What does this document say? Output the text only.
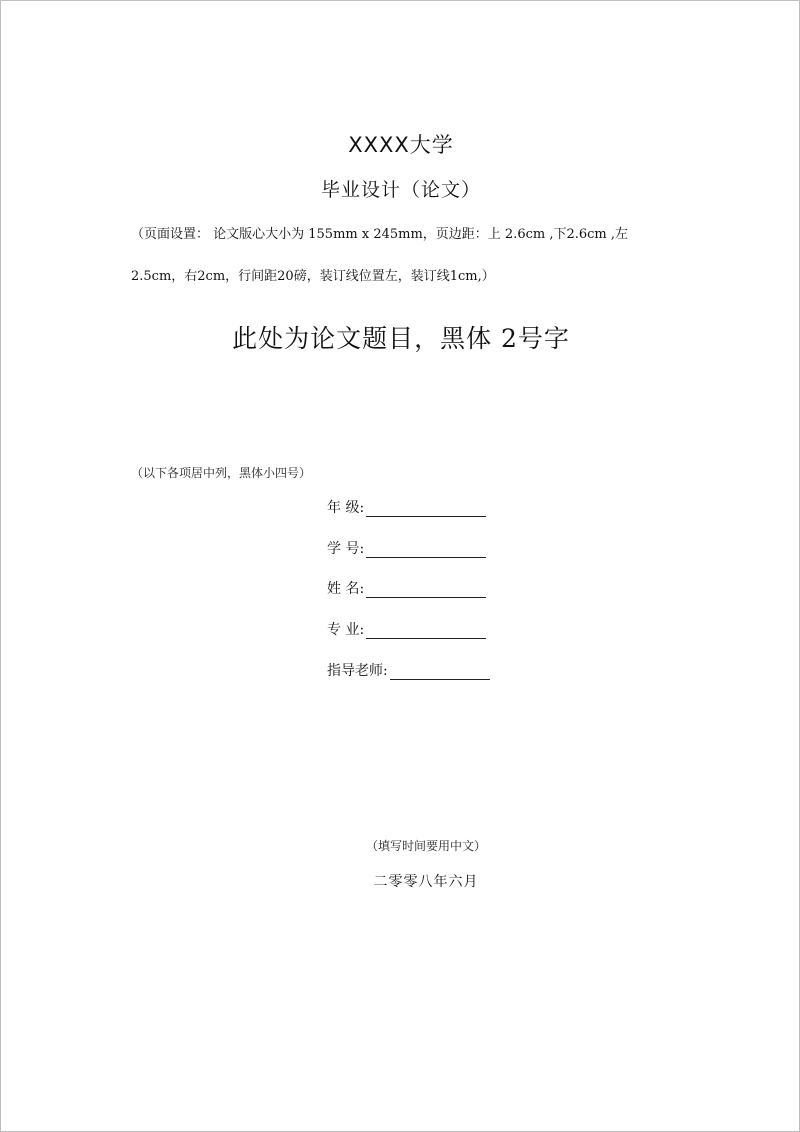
XXXX大学
毕业设计（论文）
（页面设置： 论文版心大小为 155mm x 245mm，页边距：上 2.6cm ,下2.6cm ,左
2.5cm，右2cm，行间距20磅，装订线位置左，装订线1cm,）
此处为论文题目，黑体 2号字
（以下各项居中列，黑体小四号）
年 级:
学 号:
姓 名:
专 业:
指导老师:
（填写时间要用中文）
二零零八年六月
